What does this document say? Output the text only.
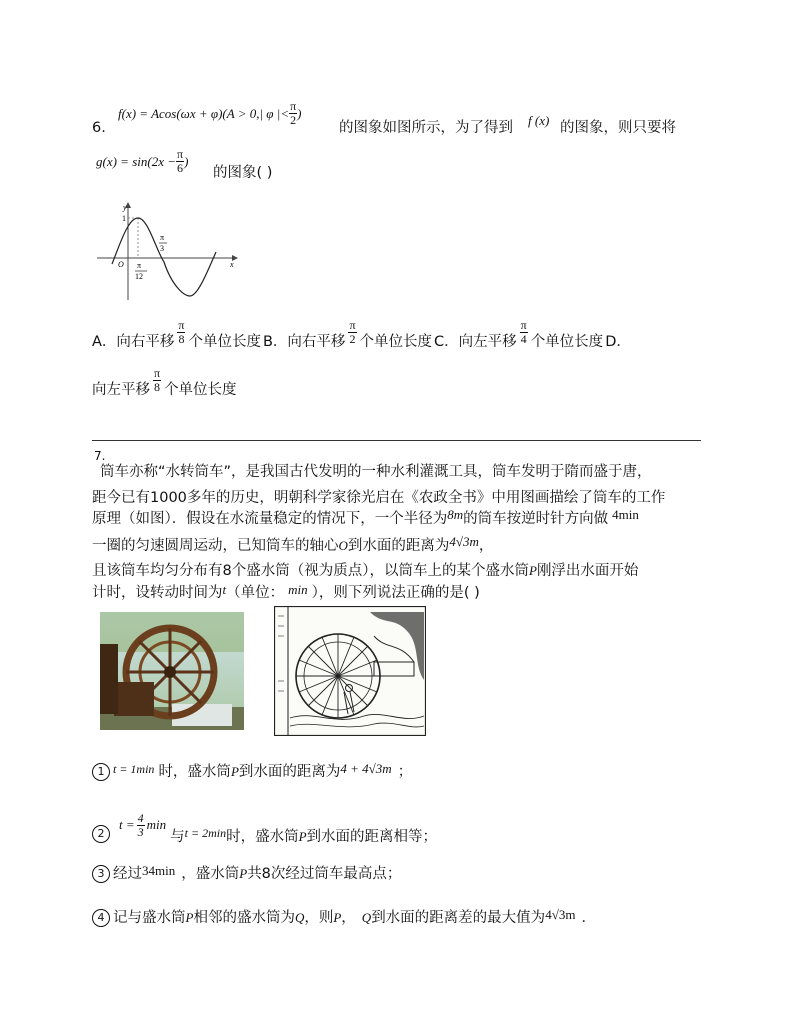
6.
f(x) = Acos(ωx + φ)(A > 0,| φ |< $\frac{\pi}{2}$ )
的图象如图所示，为了得到 f (x) 的图象，则只要将
$g(x) = \sin(2x - \frac{\pi}{6}$ )
的图象( )
y
x
1
O
π
3
π
12
A．向右平移 $\frac{\pi}{8}$ 个单位长度 B．向右平移 $\frac{\pi}{2}$ 个单位长度 C．向左平移 $\frac{\pi}{4}$ 个单位长度 D．
向左平移 $\frac{\pi}{8}$ 个单位长度
7.
筒车亦称“水转筒车”，是我国古代发明的一种水利灌溉工具，筒车发明于隋而盛于唐，
距今已有1000多年的历史，明朝科学家徐光启在《农政全书》中用图画描绘了筒车的工作
原理（如图）．假设在水流量稳定的情况下，一个半径为 8m 的筒车按逆时针方向做 4min
一圈的匀速圆周运动，已知筒车的轴心 O 到水面的距离为 4√3m ，
且该筒车均匀分布有8个盛水筒（视为质点），以筒车上的某个盛水筒 P 刚浮出水面开始
计时，设转动时间为 t （单位： min ），则下列说法正确的是( )
1 t = 1min 时，盛水筒 P 到水面的距离为 4 + 4√3m ；
2
$t = \frac{4}{3}$ min
与 t = 2min 时，盛水筒 P 到水面的距离相等；
3 经过 34min ，盛水筒 P 共8次经过筒车最高点；
4 记与盛水筒 P 相邻的盛水筒为 Q ，则 P ， Q 到水面的距离差的最大值为 4√3m ．
